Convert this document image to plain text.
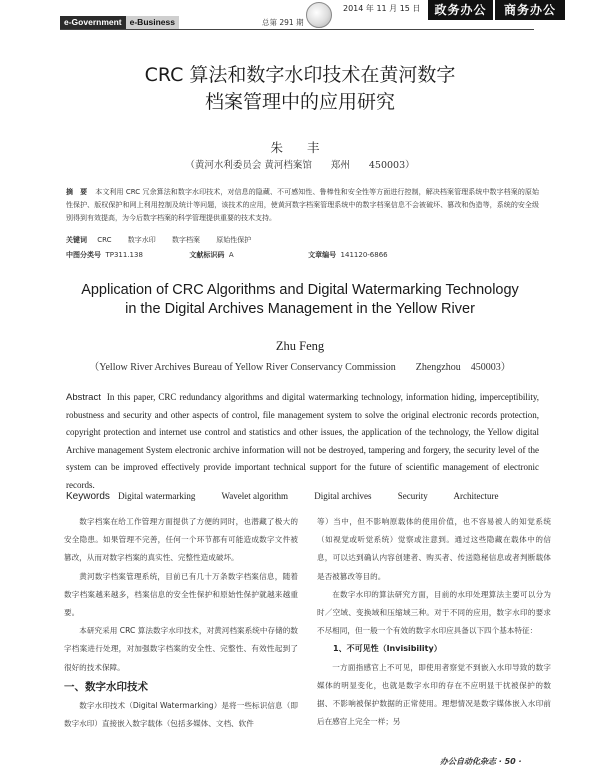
e-Government e-Business	总第 291 期
2014 年 11 月 15 日	政务办公	商务办公
CRC 算法和数字水印技术在黄河数字
档案管理中的应用研究
朱 丰
（黄河水利委员会 黄河档案馆　　郑州　　450003）
摘　要 本文利用 CRC 冗余算法和数字水印技术，对信息的隐藏、不可感知性、鲁棒性和安全性等方面进行控制，解决档案管理系统中数字档案的原始性保护、版权保护和网上利用控制及统计等问题，该技术的应用，使黄河数字档案管理系统中的数字档案信息不会被破坏、篡改和伪造等，系统的安全级别得到有效提高，为今后数字档案的科学管理提供重要的技术支持。
关键词 CRC 数字水印 数字档案 原始性保护
中图分类号 TP311.138	文献标识码 A	文章编号 141120-6866
Application of CRC Algorithms and Digital Watermarking Technology
in the Digital Archives Management in the Yellow River
Zhu Feng
（Yellow River Archives Bureau of Yellow River Conservancy Commission　　Zhengzhou　450003）
Abstract In this paper, CRC redundancy algorithms and digital watermarking technology, information hiding, imperceptibility, robustness and security and other aspects of control, file management system to solve the original electronic records protection, copyright protection and internet use control and statistics and other issues, the application of the technology, the Yellow digital Archive management System electronic archive information will not be destroyed, tampering and forgery, the security level of the system can be improved effectively provide important technical support for the future of scientific management of electronic records.
Keywords Digital watermarking	Wavelet algorithm	Digital archives	Security	Architecture

数字档案在给工作管理方面提供了方便的同时，也潜藏了极大的安全隐患。如果管理不完善，任何一个环节都有可能造成数字文件被篡改，从而对数字档案的真实性、完整性造成破坏。

黄河数字档案管理系统，目前已有几十万条数字档案信息，随着数字档案越来越多，档案信息的安全性保护和原始性保护就越来越重要。

本研究采用 CRC 算法数字水印技术，对黄河档案系统中存储的数字档案进行处理，对加强数字档案的安全性、完整性、有效性起到了很好的技术保障。

一、数字水印技术

数字水印技术（Digital Watermarking）是将一些标识信息（即数字水印）直接嵌入数字载体（包括多媒体、文档、软件

等）当中，但不影响原载体的使用价值，也不容易被人的知觉系统（如视觉或听觉系统）觉察或注意到。通过这些隐藏在载体中的信息，可以达到确认内容创建者、购买者、传送隐秘信息或者判断载体是否被篡改等目的。

在数字水印的算法研究方面，目前的水印处理算法主要可以分为时／空域、变换域和压缩域三种。对于不同的应用，数字水印的要求不尽相同，但一般一个有效的数字水印应具备以下四个基本特征：

1、不可见性（Invisibility）

一方面指感官上不可见，即使用者察觉不到嵌入水印导致的数字媒体的明显变化，也就是数字水印的存在不应明显干扰被保护的数据、不影响被保护数据的正常使用。理想情况是数字媒体嵌入水印前后在感官上完全一样；另

办公自动化杂志 · 50 ·
